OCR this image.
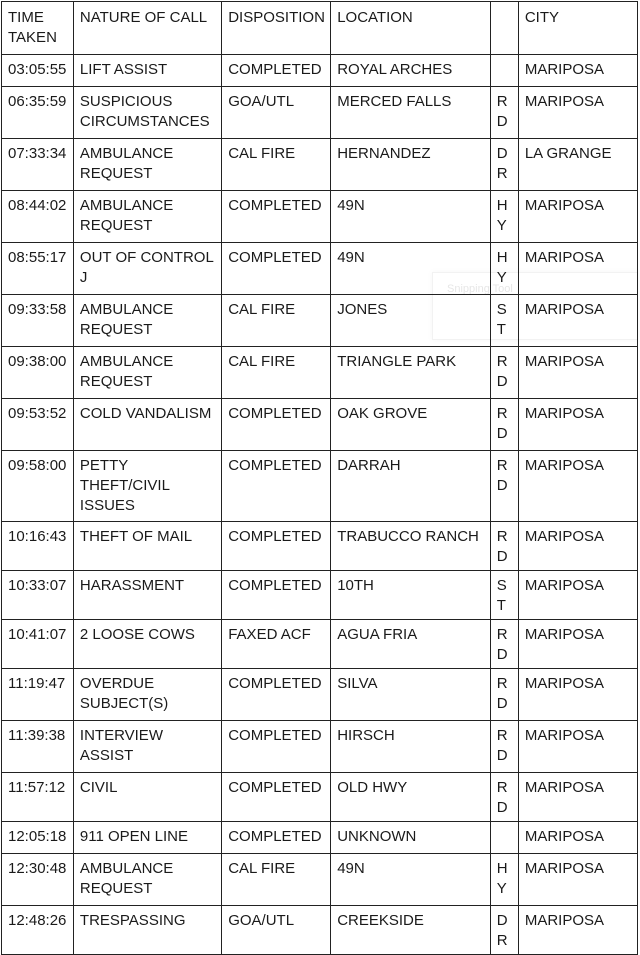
TIME TAKEN	NATURE OF CALL	DISPOSITION	LOCATION		CITY
03:05:55	LIFT ASSIST	COMPLETED	ROYAL ARCHES		MARIPOSA
06:35:59	SUSPICIOUS CIRCUMSTANCES	GOA/UTL	MERCED FALLS	RD	MARIPOSA
07:33:34	AMBULANCE REQUEST	CAL FIRE	HERNANDEZ	DR	LA GRANGE
08:44:02	AMBULANCE REQUEST	COMPLETED	49N	HY	MARIPOSA
08:55:17	OUT OF CONTROL J	COMPLETED	49N	HY	MARIPOSA
09:33:58	AMBULANCE REQUEST	CAL FIRE	JONES	ST	MARIPOSA
09:38:00	AMBULANCE REQUEST	CAL FIRE	TRIANGLE PARK	RD	MARIPOSA
09:53:52	COLD VANDALISM	COMPLETED	OAK GROVE	RD	MARIPOSA
09:58:00	PETTY THEFT/CIVIL ISSUES	COMPLETED	DARRAH	RD	MARIPOSA
10:16:43	THEFT OF MAIL	COMPLETED	TRABUCCO RANCH	RD	MARIPOSA
10:33:07	HARASSMENT	COMPLETED	10TH	ST	MARIPOSA
10:41:07	2 LOOSE COWS	FAXED ACF	AGUA FRIA	RD	MARIPOSA
11:19:47	OVERDUE SUBJECT(S)	COMPLETED	SILVA	RD	MARIPOSA
11:39:38	INTERVIEW ASSIST	COMPLETED	HIRSCH	RD	MARIPOSA
11:57:12	CIVIL	COMPLETED	OLD HWY	RD	MARIPOSA
12:05:18	911 OPEN LINE	COMPLETED	UNKNOWN		MARIPOSA
12:30:48	AMBULANCE REQUEST	CAL FIRE	49N	HY	MARIPOSA
12:48:26	TRESPASSING	GOA/UTL	CREEKSIDE	DR	MARIPOSA
Snipping Tool
